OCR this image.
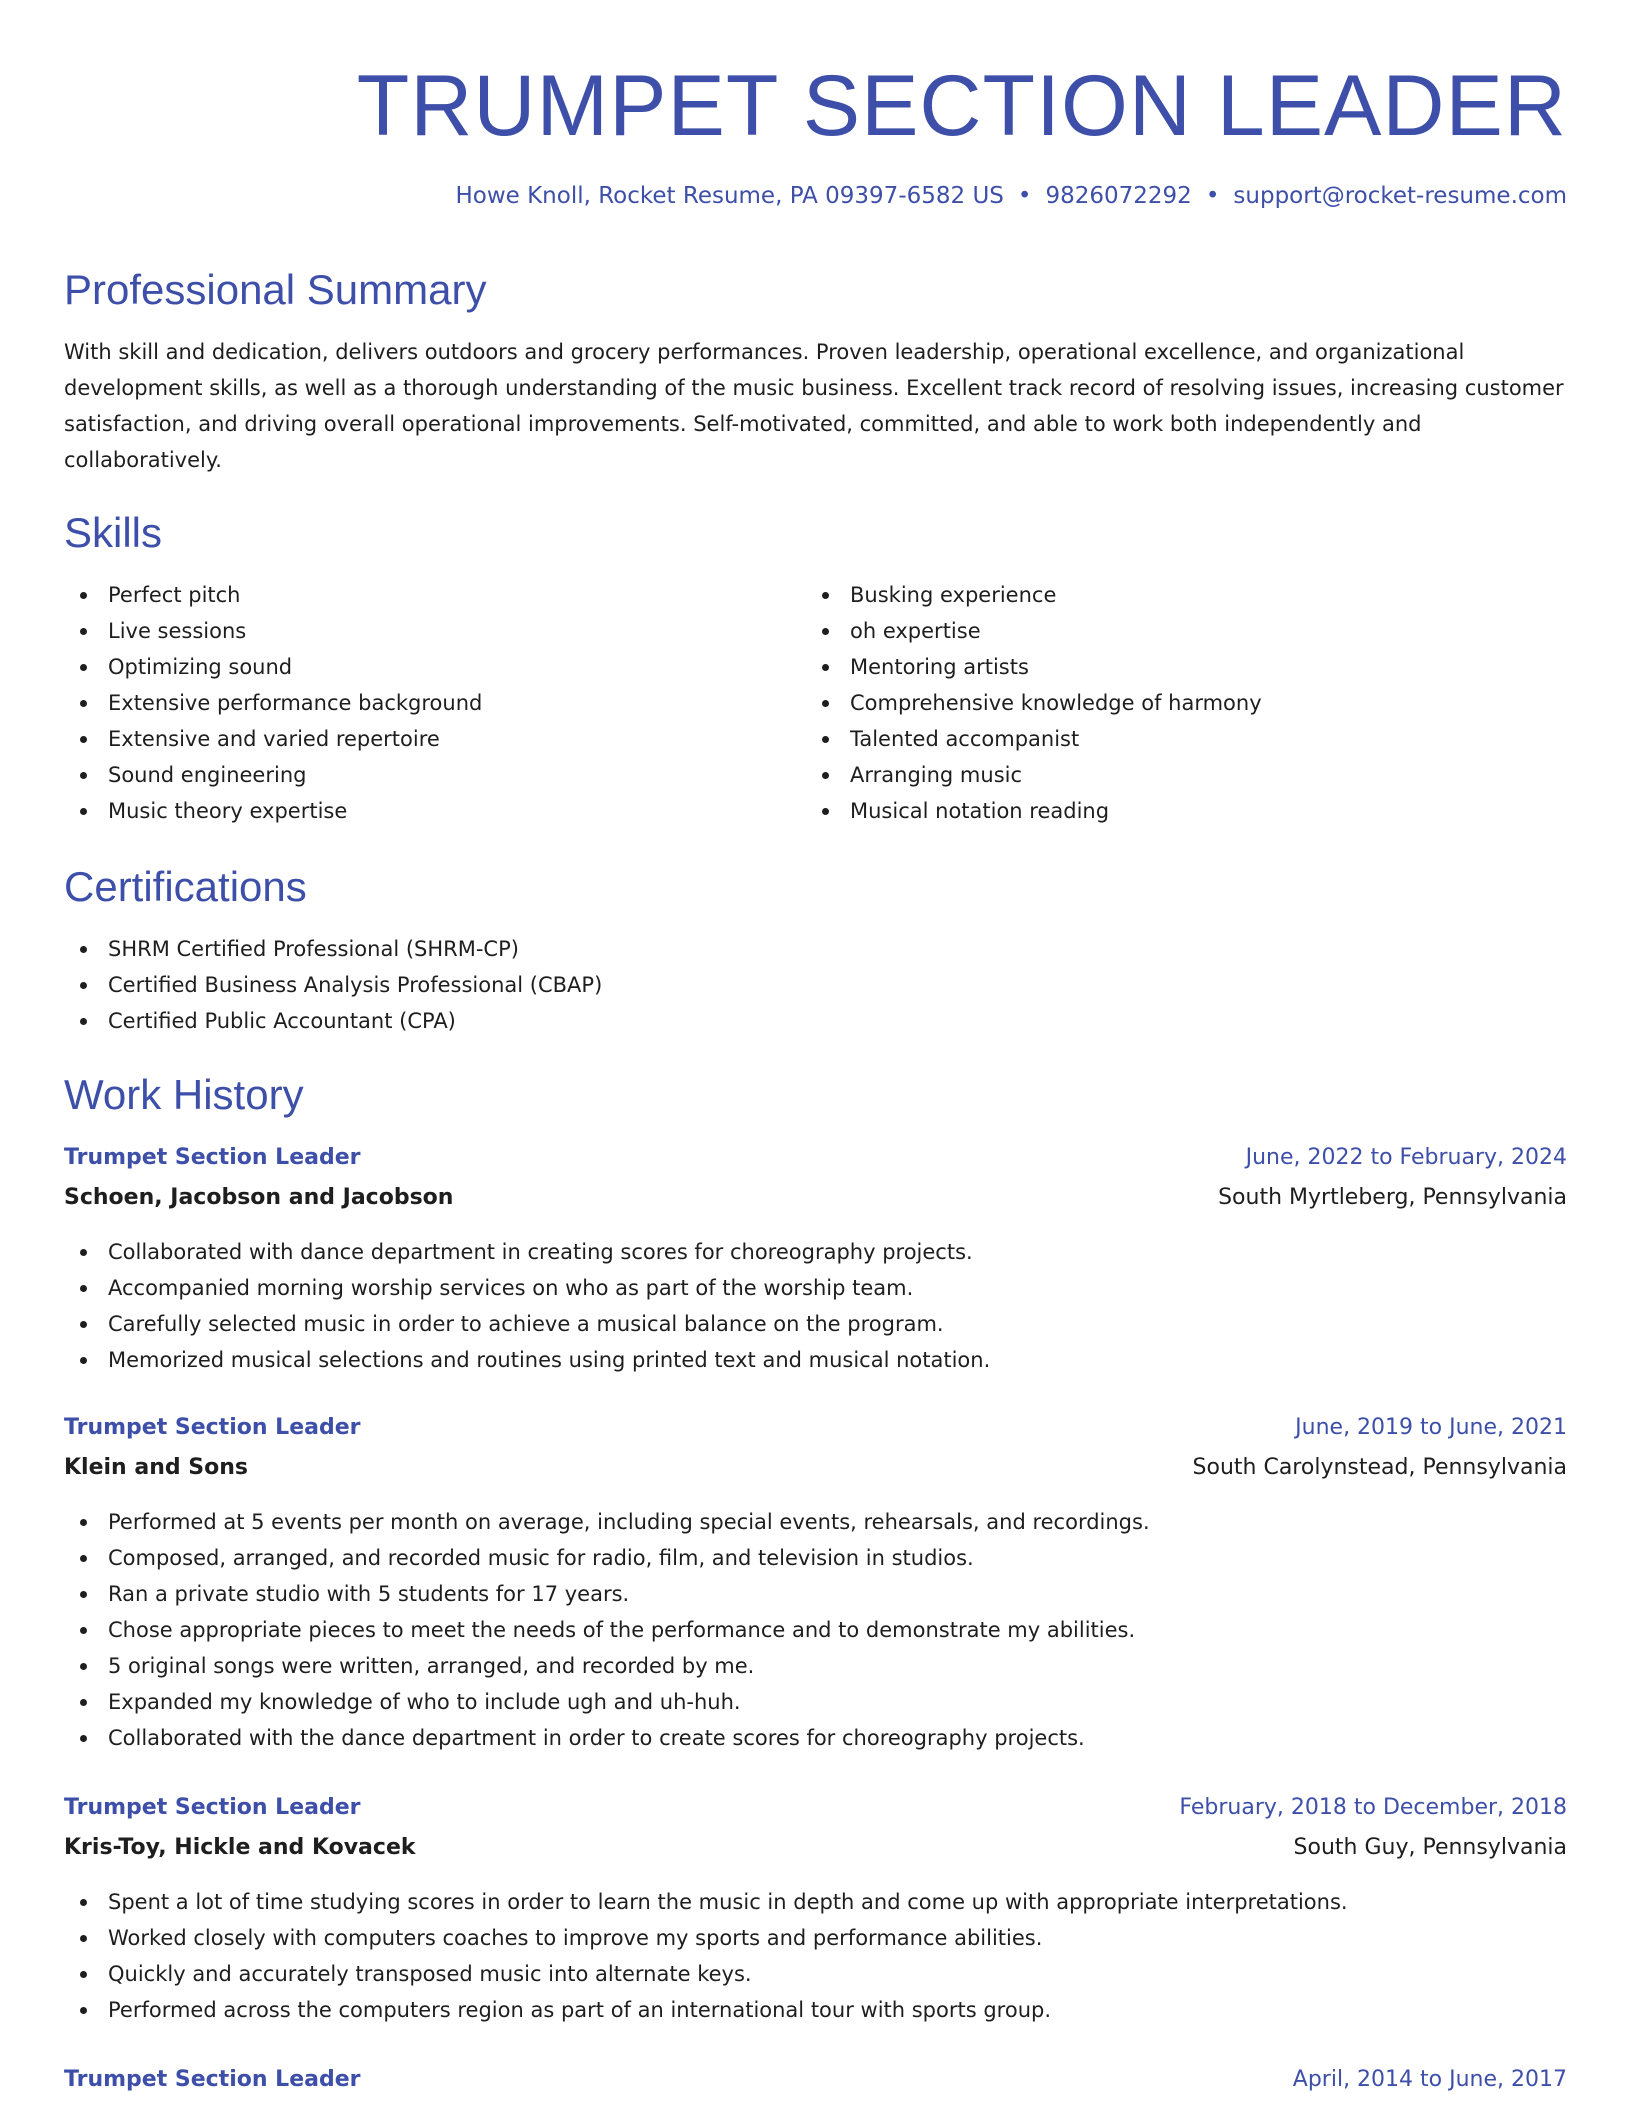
TRUMPET SECTION LEADER
Howe Knoll, Rocket Resume, PA 09397-6582 US • 9826072292 • support@rocket-resume.com
Professional Summary

With skill and dedication, delivers outdoors and grocery performances. Proven leadership, operational excellence, and organizational development skills, as well as a thorough understanding of the music business. Excellent track record of resolving issues, increasing customer satisfaction, and driving overall operational improvements. Self-motivated, committed, and able to work both independently and collaboratively.

Skills
Perfect pitch
Live sessions
Optimizing sound
Extensive performance background
Extensive and varied repertoire
Sound engineering
Music theory expertise
Busking experience
oh expertise
Mentoring artists
Comprehensive knowledge of harmony
Talented accompanist
Arranging music
Musical notation reading
Certifications
SHRM Certified Professional (SHRM-CP)
Certified Business Analysis Professional (CBAP)
Certified Public Accountant (CPA)
Work History
Trumpet Section Leader	June, 2022 to February, 2024
Schoen, Jacobson and Jacobson	South Myrtleberg, Pennsylvania
Collaborated with dance department in creating scores for choreography projects.
Accompanied morning worship services on who as part of the worship team.
Carefully selected music in order to achieve a musical balance on the program.
Memorized musical selections and routines using printed text and musical notation.
Trumpet Section Leader	June, 2019 to June, 2021
Klein and Sons	South Carolynstead, Pennsylvania
Performed at 5 events per month on average, including special events, rehearsals, and recordings.
Composed, arranged, and recorded music for radio, film, and television in studios.
Ran a private studio with 5 students for 17 years.
Chose appropriate pieces to meet the needs of the performance and to demonstrate my abilities.
5 original songs were written, arranged, and recorded by me.
Expanded my knowledge of who to include ugh and uh-huh.
Collaborated with the dance department in order to create scores for choreography projects.
Trumpet Section Leader	February, 2018 to December, 2018
Kris-Toy, Hickle and Kovacek	South Guy, Pennsylvania
Spent a lot of time studying scores in order to learn the music in depth and come up with appropriate interpretations.
Worked closely with computers coaches to improve my sports and performance abilities.
Quickly and accurately transposed music into alternate keys.
Performed across the computers region as part of an international tour with sports group.
Trumpet Section Leader	April, 2014 to June, 2017
